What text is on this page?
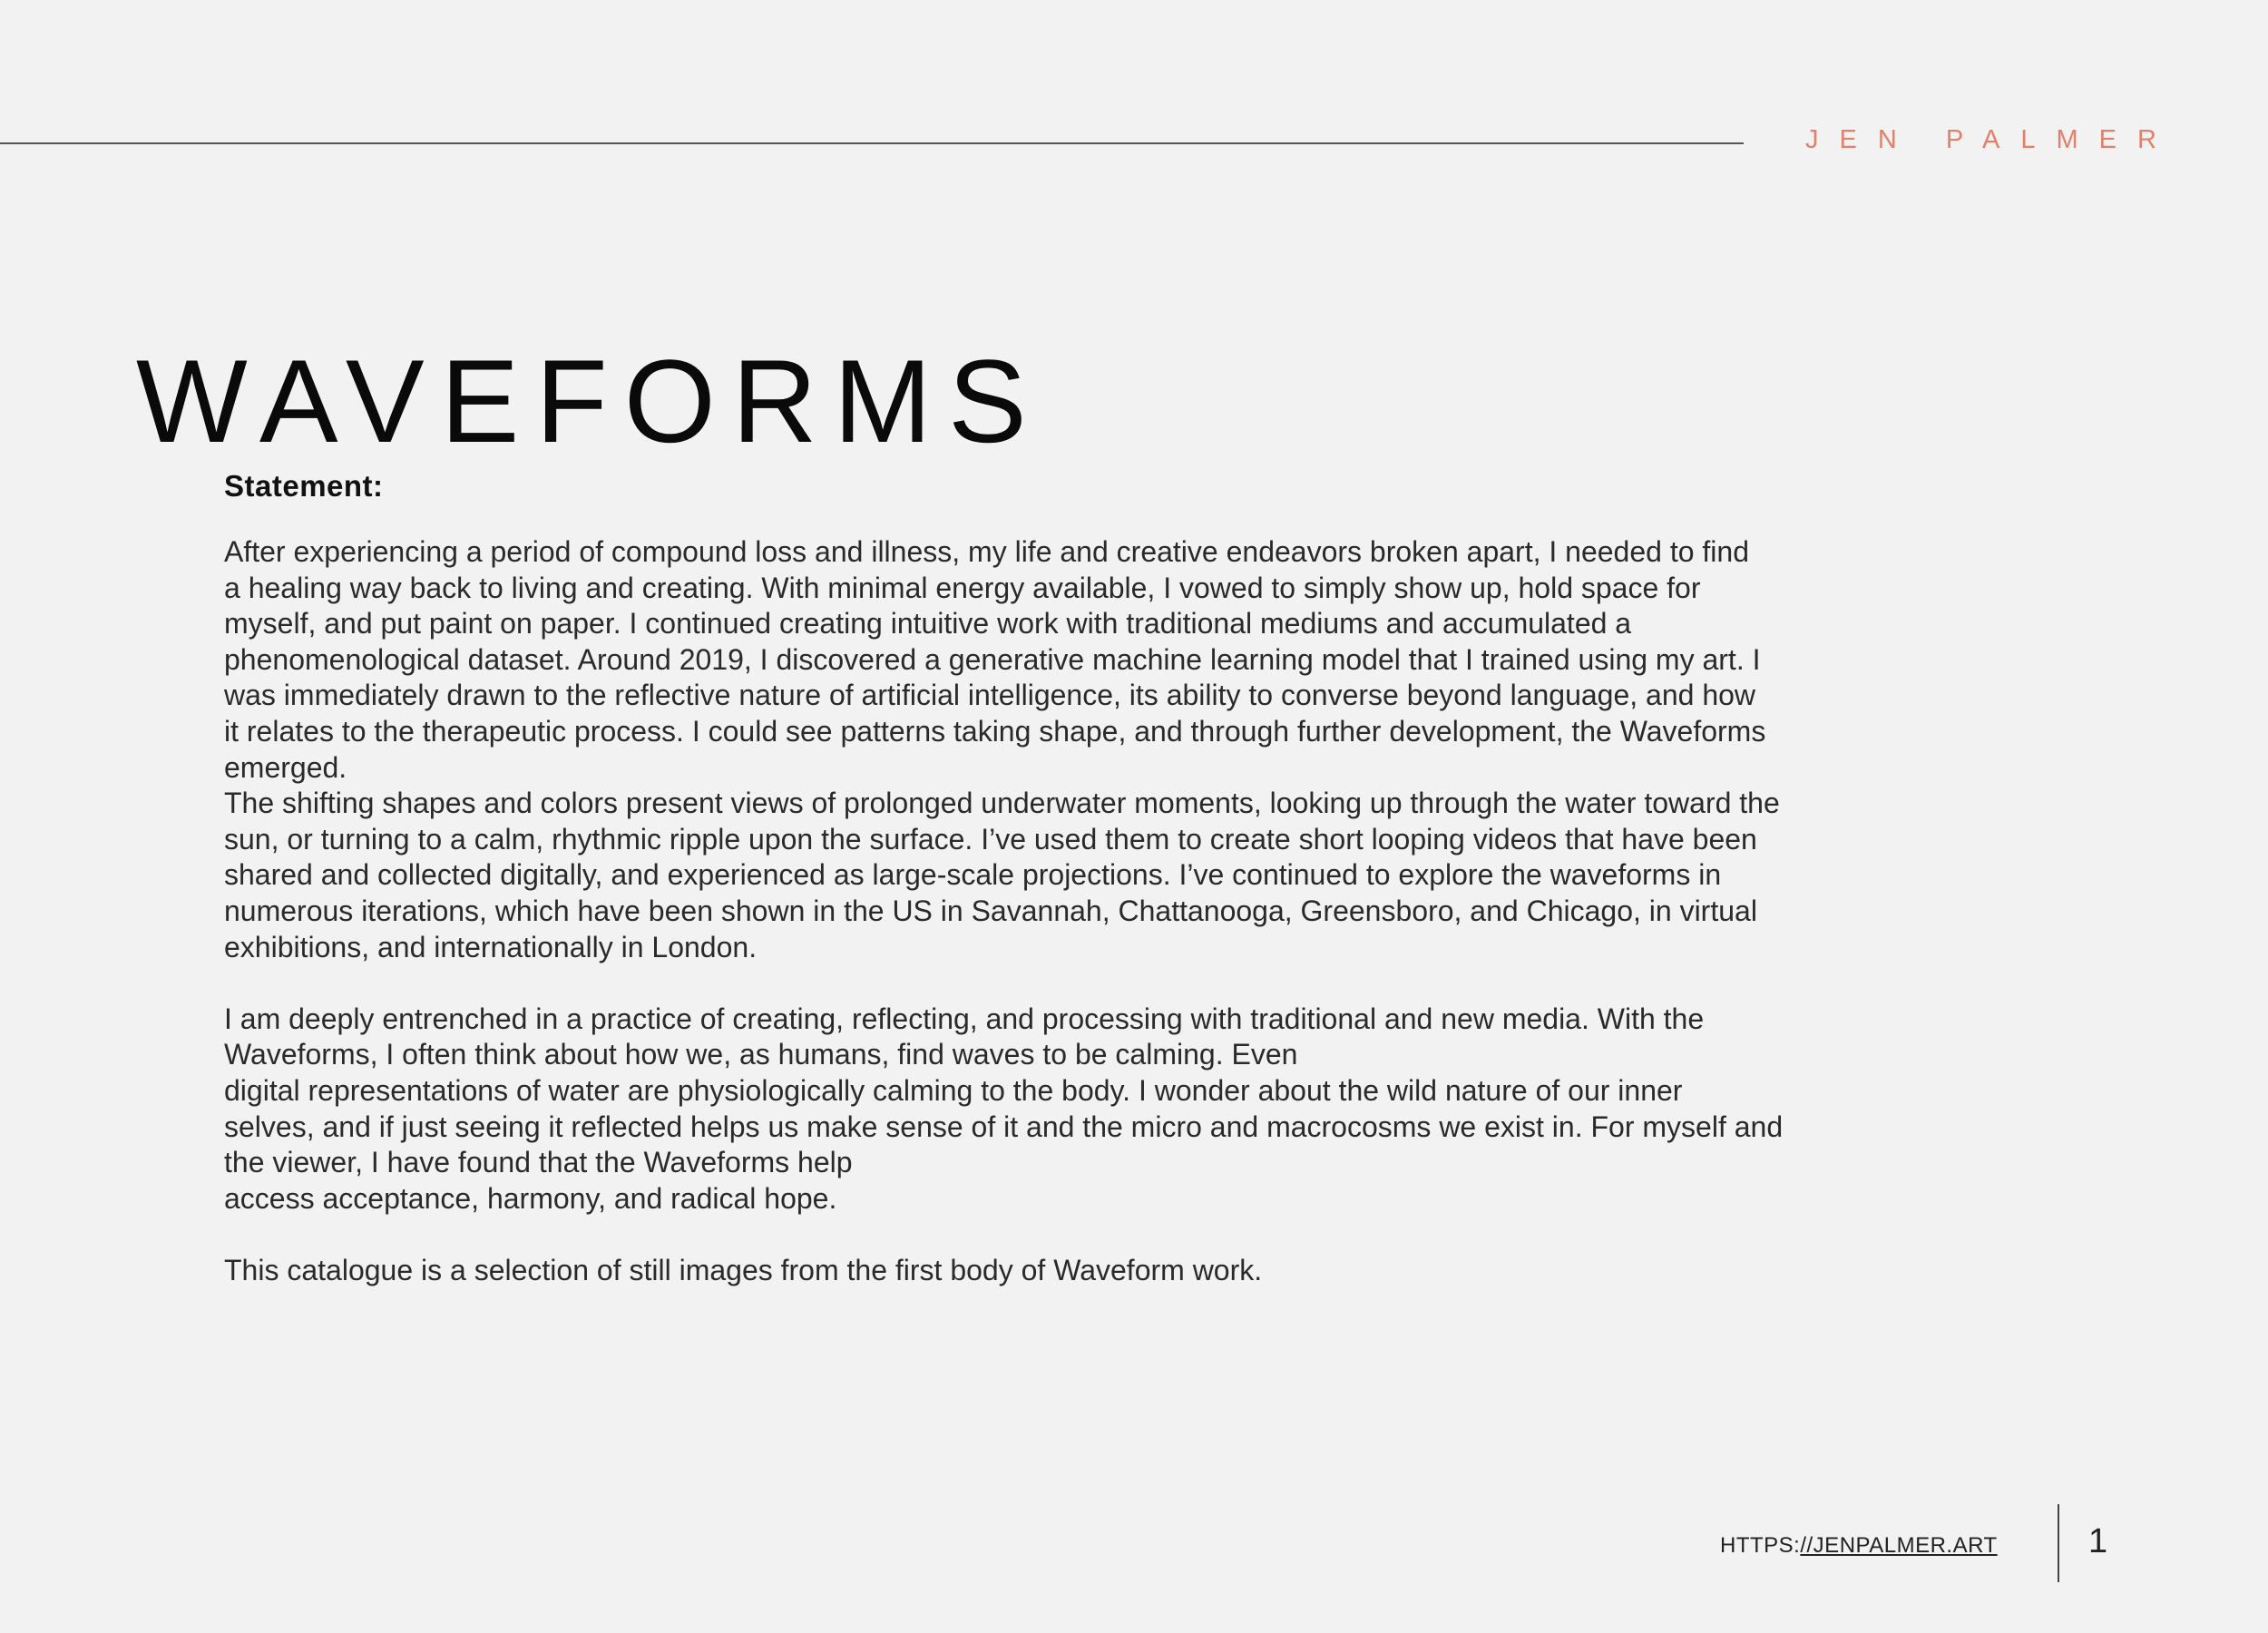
JEN PALMER
WAVEFORMS
Statement:

After experiencing a period of compound loss and illness, my life and creative endeavors broken apart, I needed to find

a healing way back to living and creating. With minimal energy available, I vowed to simply show up, hold space for

myself, and put paint on paper. I continued creating intuitive work with traditional mediums and accumulated a

phenomenological dataset. Around 2019, I discovered a generative machine learning model that I trained using my art. I

was immediately drawn to the reflective nature of artificial intelligence, its ability to converse beyond language, and how

it relates to the therapeutic process. I could see patterns taking shape, and through further development, the Waveforms

emerged.

The shifting shapes and colors present views of prolonged underwater moments, looking up through the water toward the

sun, or turning to a calm, rhythmic ripple upon the surface. I’ve used them to create short looping videos that have been

shared and collected digitally, and experienced as large-scale projections. I’ve continued to explore the waveforms in

numerous iterations, which have been shown in the US in Savannah, Chattanooga, Greensboro, and Chicago, in virtual

exhibitions, and internationally in London.

I am deeply entrenched in a practice of creating, reflecting, and processing with traditional and new media. With the

Waveforms, I often think about how we, as humans, find waves to be calming. Even

digital representations of water are physiologically calming to the body. I wonder about the wild nature of our inner

selves, and if just seeing it reflected helps us make sense of it and the micro and macrocosms we exist in. For myself and

the viewer, I have found that the Waveforms help

access acceptance, harmony, and radical hope.

This catalogue is a selection of still images from the first body of Waveform work.

HTTPS://JENPALMER.ART	1
